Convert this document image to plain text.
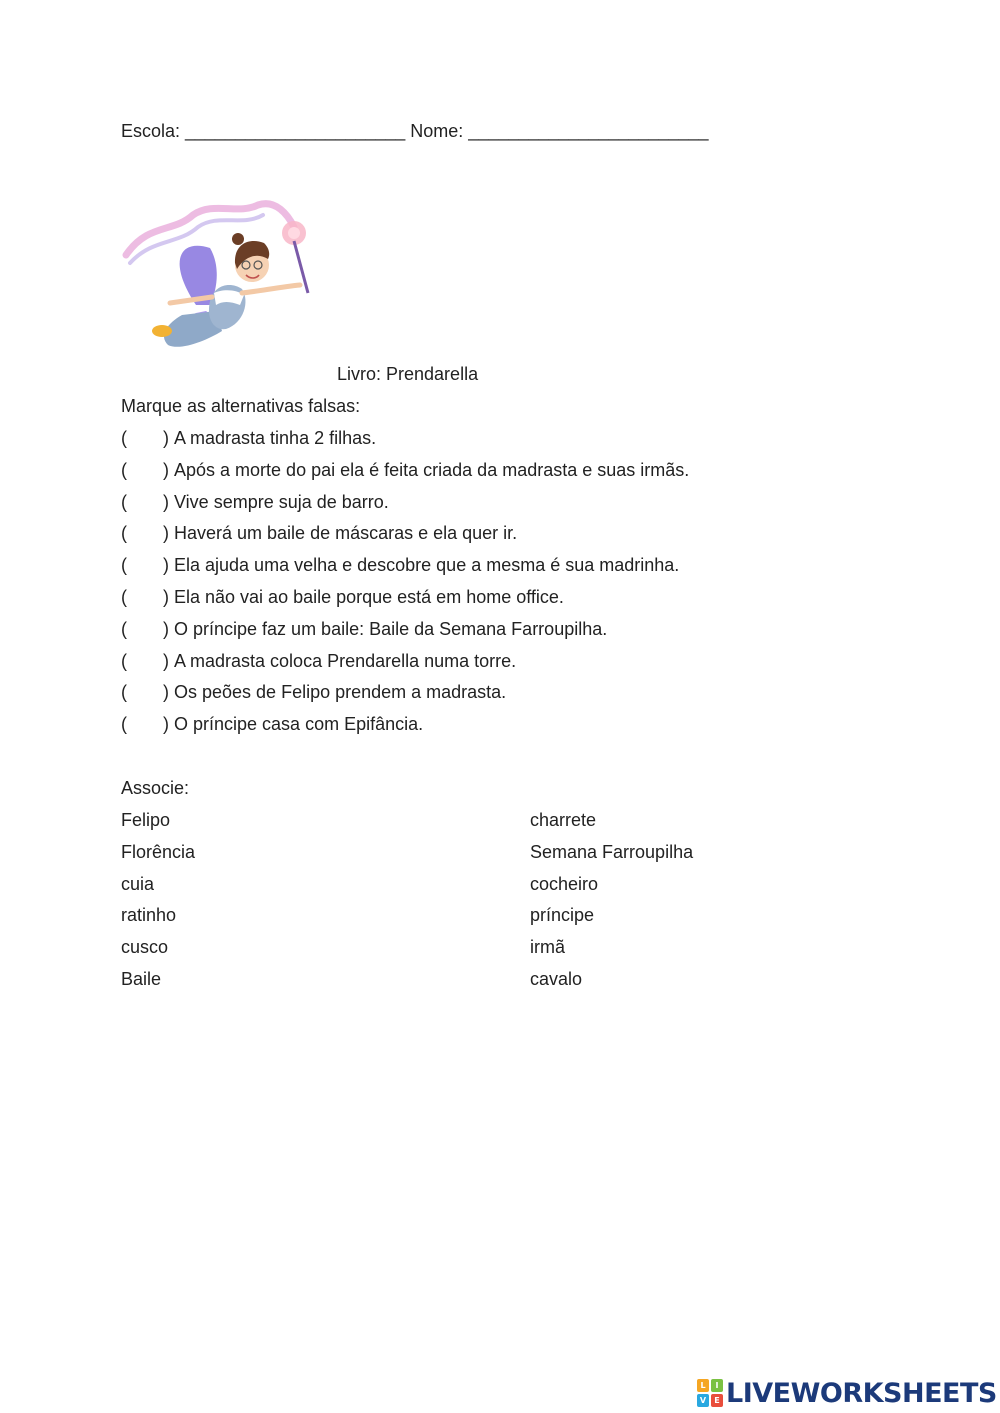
Escola: ______________________ Nome: ________________________
Livro: Prendarella
Marque as alternativas falsas:
( ) A madrasta tinha 2 filhas.
( ) Após a morte do pai ela é feita criada da madrasta e suas irmãs.
( ) Vive sempre suja de barro.
( ) Haverá um baile de máscaras e ela quer ir.
( ) Ela ajuda uma velha e descobre que a mesma é sua madrinha.
( ) Ela não vai ao baile porque está em home office.
( ) O príncipe faz um baile: Baile da Semana Farroupilha.
( ) A madrasta coloca Prendarella numa torre.
( ) Os peões de Felipo prendem a madrasta.
( ) O príncipe casa com Epifância.
Associe:
Felipo	charrete
Florência	Semana Farroupilha
cuia	cocheiro
ratinho	príncipe
cusco	irmã
Baile	cavalo
L	I
V	E LIVEWORKSHEETS
